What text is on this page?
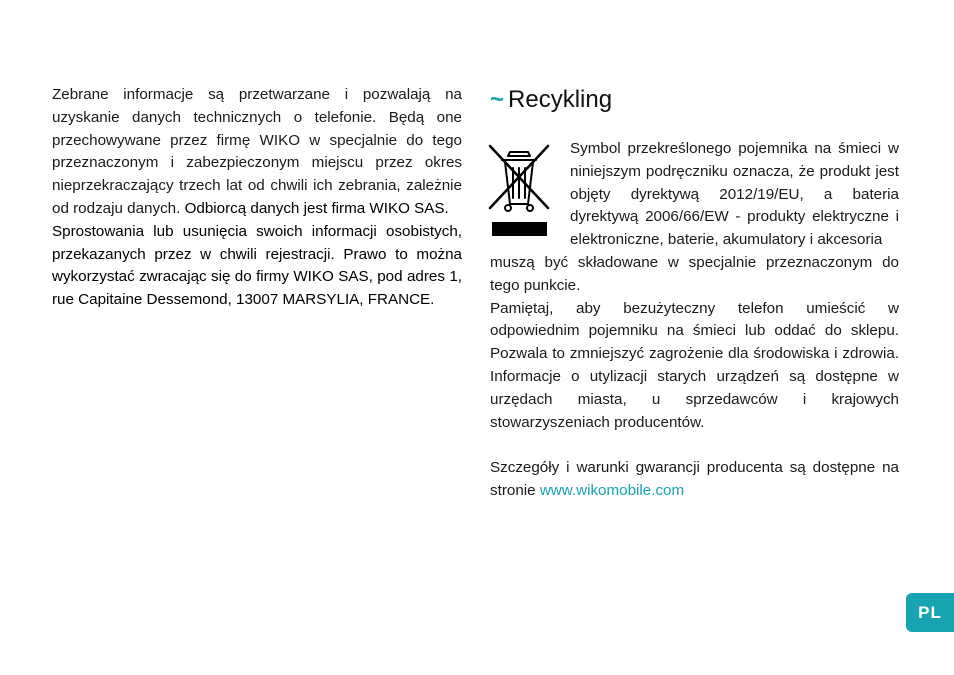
Zebrane informacje są przetwarzane i pozwalają na uzyskanie danych technicznych o telefonie. Będą one przechowywane przez firmę WIKO w specjalnie do tego przeznaczonym i zabezpieczonym miejscu przez okres nieprzekraczający trzech lat od chwili ich zebrania, zależnie od rodzaju danych. Odbiorcą danych jest firma WIKO SAS.

Sprostowania lub usunięcia swoich informacji osobistych, przekazanych przez w chwili rejestracji. Prawo to można wykorzystać zwracając się do firmy WIKO SAS, pod adres 1, rue Capitaine Dessemond, 13007 MARSYLIA, FRANCE.

~ Recykling

Symbol przekreślonego pojemnika na śmieci w niniejszym podręczniku oznacza, że produkt jest objęty dyrektywą 2012/19/EU, a bateria dyrektywą 2006/66/EW - produkty elektryczne i elektroniczne, baterie, akumulatory i akcesoria

muszą być składowane w specjalnie przeznaczonym do tego punkcie.

Pamiętaj, aby bezużyteczny telefon umieścić w odpowiednim pojemniku na śmieci lub oddać do sklepu. Pozwala to zmniejszyć zagrożenie dla środowiska i zdrowia. Informacje o utylizacji starych urządzeń są dostępne w urzędach miasta, u sprzedawców i krajowych stowarzyszeniach producentów.

Szczegóły i warunki gwarancji producenta są dostępne na stronie www.wikomobile.com

PL
